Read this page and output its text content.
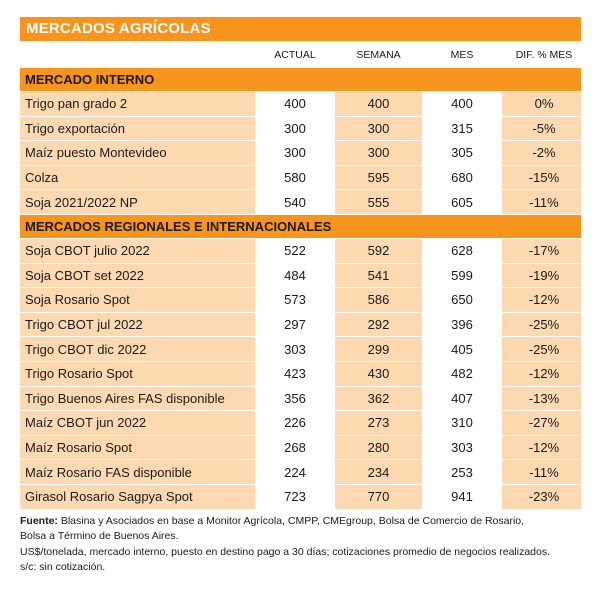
MERCADOS AGRÍCOLAS
ACTUAL	SEMANA	MES	DIF. % MES
MERCADO INTERNO
Trigo pan grado 2	400	400	400	0%
Trigo exportación	300	300	315	-5%
Maíz puesto Montevideo	300	300	305	-2%
Colza	580	595	680	-15%
Soja 2021/2022 NP	540	555	605	-11%
MERCADOS REGIONALES E INTERNACIONALES
Soja CBOT julio 2022	522	592	628	-17%
Soja CBOT set 2022	484	541	599	-19%
Soja Rosario Spot	573	586	650	-12%
Trigo CBOT jul 2022	297	292	396	-25%
Trigo CBOT dic 2022	303	299	405	-25%
Trigo Rosario Spot	423	430	482	-12%
Trigo Buenos Aires FAS disponible	356	362	407	-13%
Maíz CBOT jun 2022	226	273	310	-27%
Maíz Rosario Spot	268	280	303	-12%
Maíz Rosario FAS disponible	224	234	253	-11%
Girasol Rosario Sagpya Spot	723	770	941	-23%
Fuente: Blasina y Asociados en base a Monitor Agrícola, CMPP, CMEgroup, Bolsa de Comercio de Rosario,
Bolsa a Término de Buenos Aires.
US$/tonelada, mercado interno, puesto en destino pago a 30 días; cotizaciones promedio de negocios realizados.
s/c: sin cotización.
